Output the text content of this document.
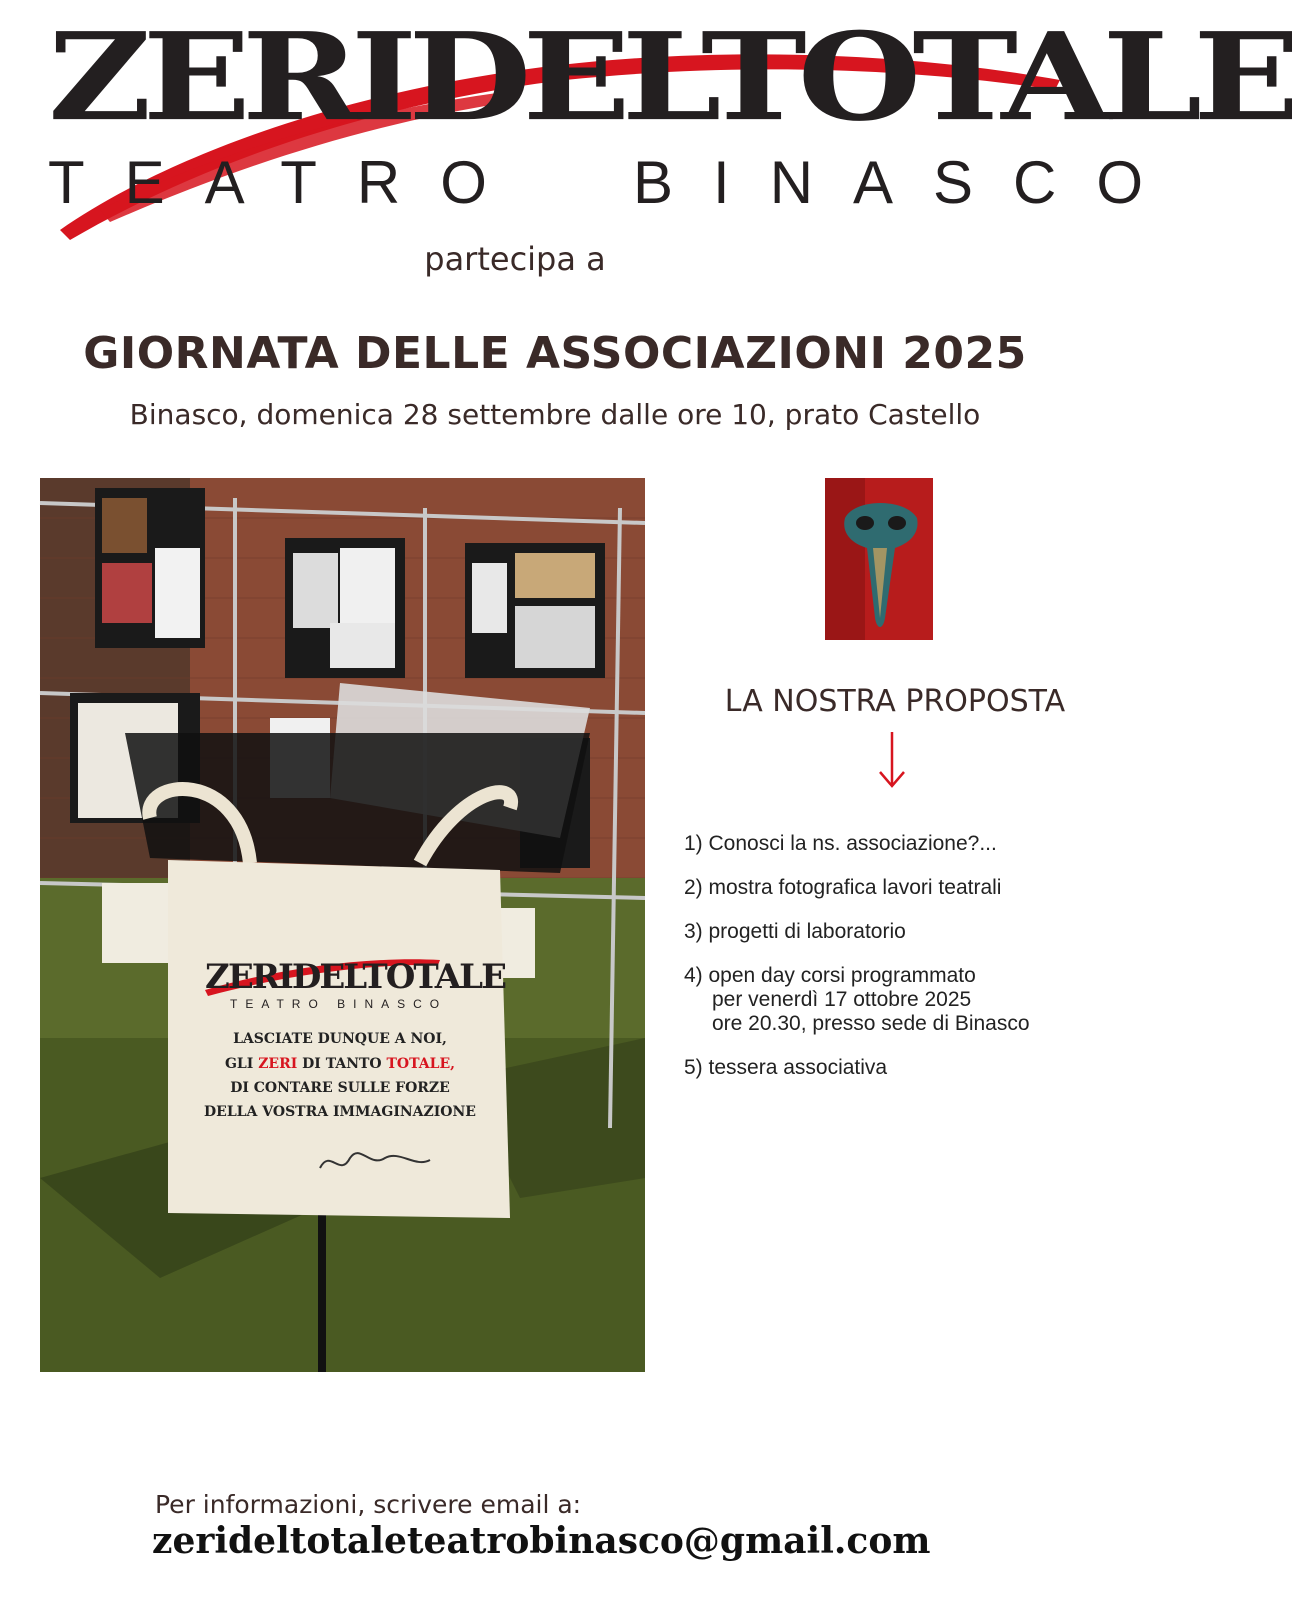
ZERIDELTOTALE
TEATRO BINASCO
partecipa a
GIORNATA DELLE ASSOCIAZIONI 2025
Binasco, domenica 28 settembre dalle ore 10, prato Castello
ZERIDELTOTALE
TEATRO BINASCO
LASCIATE DUNQUE A NOI,
GLI ZERI DI TANTO TOTALE,
DI CONTARE SULLE FORZE
DELLA VOSTRA IMMAGINAZIONE
LA NOSTRA PROPOSTA
1) Conosci la ns. associazione?...
2) mostra fotografica lavori teatrali
3) progetti di laboratorio
4) open day corsi programmato
per venerdì 17 ottobre 2025
ore 20.30, presso sede di Binasco
5) tessera associativa
Per informazioni, scrivere email a:
zerideltotaleteatrobinasco@gmail.com
